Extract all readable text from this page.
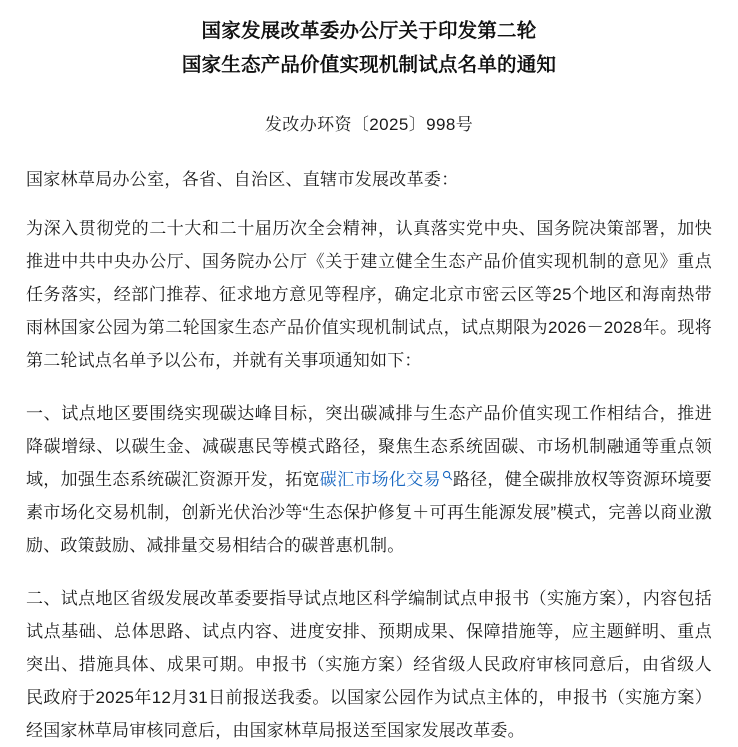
国家发展改革委办公厅关于印发第二轮
国家生态产品价值实现机制试点名单的通知
发改办环资〔2025〕998号
国家林草局办公室，各省、自治区、直辖市发展改革委：
为深入贯彻党的二十大和二十届历次全会精神，认真落实党中央、国务院决策部署，加快推进中共中央办公厅、国务院办公厅《关于建立健全生态产品价值实现机制的意见》重点任务落实，经部门推荐、征求地方意见等程序，确定北京市密云区等25个地区和海南热带雨林国家公园为第二轮国家生态产品价值实现机制试点，试点期限为2026－2028年。现将第二轮试点名单予以公布，并就有关事项通知如下：
一、试点地区要围绕实现碳达峰目标，突出碳减排与生态产品价值实现工作相结合，推进降碳增绿、以碳生金、减碳惠民等模式路径，聚焦生态系统固碳、市场机制融通等重点领域，加强生态系统碳汇资源开发，拓宽碳汇市场化交易 路径，健全碳排放权等资源环境要素市场化交易机制，创新光伏治沙等“生态保护修复＋可再生能源发展”模式，完善以商业激励、政策鼓励、减排量交易相结合的碳普惠机制。
二、试点地区省级发展改革委要指导试点地区科学编制试点申报书（实施方案），内容包括试点基础、总体思路、试点内容、进度安排、预期成果、保障措施等，应主题鲜明、重点突出、措施具体、成果可期。申报书（实施方案）经省级人民政府审核同意后，由省级人民政府于2025年12月31日前报送我委。以国家公园作为试点主体的，申报书（实施方案）经国家林草局审核同意后，由国家林草局报送至国家发展改革委。
